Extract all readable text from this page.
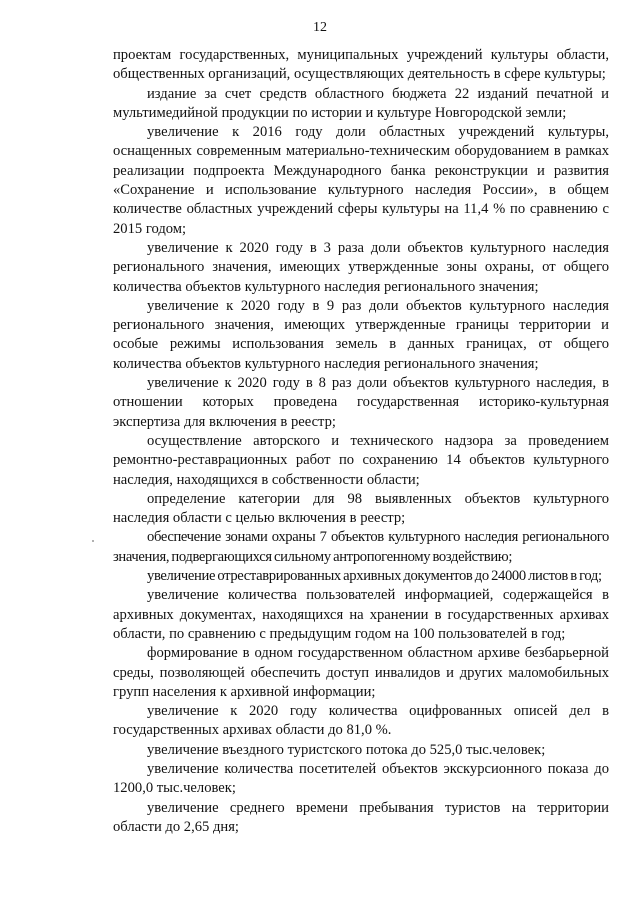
12

проектам государственных, муниципальных учреждений культуры области, общественных организаций, осуществляющих деятельность в сфере культуры;

издание за счет средств областного бюджета 22 изданий печатной и мультимедийной продукции по истории и культуре Новгородской земли;

увеличение к 2016 году доли областных учреждений культуры, оснащенных современным материально-техническим оборудованием в рамках реализации подпроекта Международного банка реконструкции и развития «Сохранение и использование культурного наследия России», в общем количестве областных учреждений сферы культуры на 11,4 % по сравнению с 2015 годом;

увеличение к 2020 году в 3 раза доли объектов культурного наследия регионального значения, имеющих утвержденные зоны охраны, от общего количества объектов культурного наследия регионального значения;

увеличение к 2020 году в 9 раз доли объектов культурного наследия регионального значения, имеющих утвержденные границы территории и особые режимы использования земель в данных границах, от общего количества объектов культурного наследия регионального значения;

увеличение к 2020 году в 8 раз доли объектов культурного наследия, в отношении которых проведена государственная историко-культурная экспертиза для включения в реестр;

осуществление авторского и технического надзора за проведением ремонтно-реставрационных работ по сохранению 14 объектов культурного наследия, находящихся в собственности области;

определение категории для 98 выявленных объектов культурного наследия области с целью включения в реестр;

обеспечение зонами охраны 7 объектов культурного наследия регионального значения, подвергающихся сильному антропогенному воздействию;

увеличение отреставрированных архивных документов до 24000 листов в год;

увеличение количества пользователей информацией, содержащейся в архивных документах, находящихся на хранении в государственных архивах области, по сравнению с предыдущим годом на 100 пользователей в год;

формирование в одном государственном областном архиве безбарьерной среды, позволяющей обеспечить доступ инвалидов и других маломобильных групп населения к архивной информации;

увеличение к 2020 году количества оцифрованных описей дел в государственных архивах области до 81,0 %.

увеличение въездного туристского потока до 525,0 тыс.человек;

увеличение количества посетителей объектов экскурсионного показа до 1200,0 тыс.человек;

увеличение среднего времени пребывания туристов на территории области до 2,65 дня;
